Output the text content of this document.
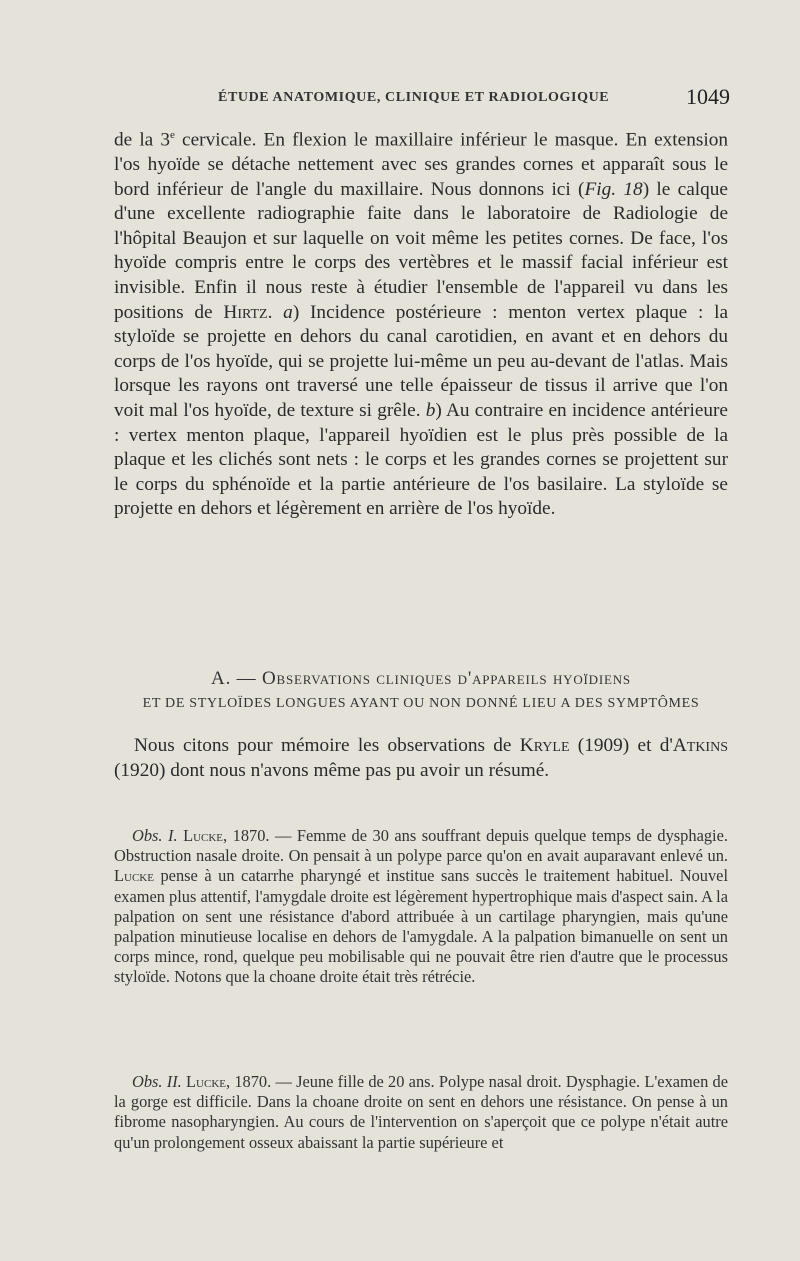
ÉTUDE ANATOMIQUE, CLINIQUE ET RADIOLOGIQUE	1049

de la 3e cervicale. En flexion le maxillaire inférieur le masque. En extension l'os hyoïde se détache nettement avec ses grandes cornes et apparaît sous le bord inférieur de l'angle du maxillaire. Nous donnons ici (Fig. 18) le calque d'une excellente radiographie faite dans le laboratoire de Radiologie de l'hôpital Beaujon et sur laquelle on voit même les petites cornes. De face, l'os hyoïde compris entre le corps des vertèbres et le massif facial inférieur est invisible. Enfin il nous reste à étudier l'ensemble de l'appareil vu dans les positions de Hirtz. a) Incidence postérieure : menton vertex plaque : la styloïde se projette en dehors du canal carotidien, en avant et en dehors du corps de l'os hyoïde, qui se projette lui-même un peu au-devant de l'atlas. Mais lorsque les rayons ont traversé une telle épaisseur de tissus il arrive que l'on voit mal l'os hyoïde, de texture si grêle. b) Au contraire en incidence antérieure : vertex menton plaque, l'appareil hyoïdien est le plus près possible de la plaque et les clichés sont nets : le corps et les grandes cornes se projettent sur le corps du sphénoïde et la partie antérieure de l'os basilaire. La styloïde se projette en dehors et légèrement en arrière de l'os hyoïde.

A. — Observations cliniques d'appareils hyoïdiens
ET DE STYLOÏDES LONGUES AYANT OU NON DONNÉ LIEU A DES SYMPTÔMES
Nous citons pour mémoire les observations de Kryle (1909) et d'Atkins (1920) dont nous n'avons même pas pu avoir un résumé.
Obs. I. Lucke, 1870. — Femme de 30 ans souffrant depuis quelque temps de dysphagie. Obstruction nasale droite. On pensait à un polype parce qu'on en avait auparavant enlevé un. Lucke pense à un catarrhe pharyngé et institue sans succès le traitement habituel. Nouvel examen plus attentif, l'amygdale droite est légèrement hypertrophique mais d'aspect sain. A la palpation on sent une résistance d'abord attribuée à un cartilage pharyngien, mais qu'une palpation minutieuse localise en dehors de l'amygdale. A la palpation bimanuelle on sent un corps mince, rond, quelque peu mobilisable qui ne pouvait être rien d'autre que le processus styloïde. Notons que la choane droite était très rétrécie.
Obs. II. Lucke, 1870. — Jeune fille de 20 ans. Polype nasal droit. Dysphagie. L'examen de la gorge est difficile. Dans la choane droite on sent en dehors une résistance. On pense à un fibrome nasopharyngien. Au cours de l'intervention on s'aperçoit que ce polype n'était autre qu'un prolongement osseux abaissant la partie supérieure et
